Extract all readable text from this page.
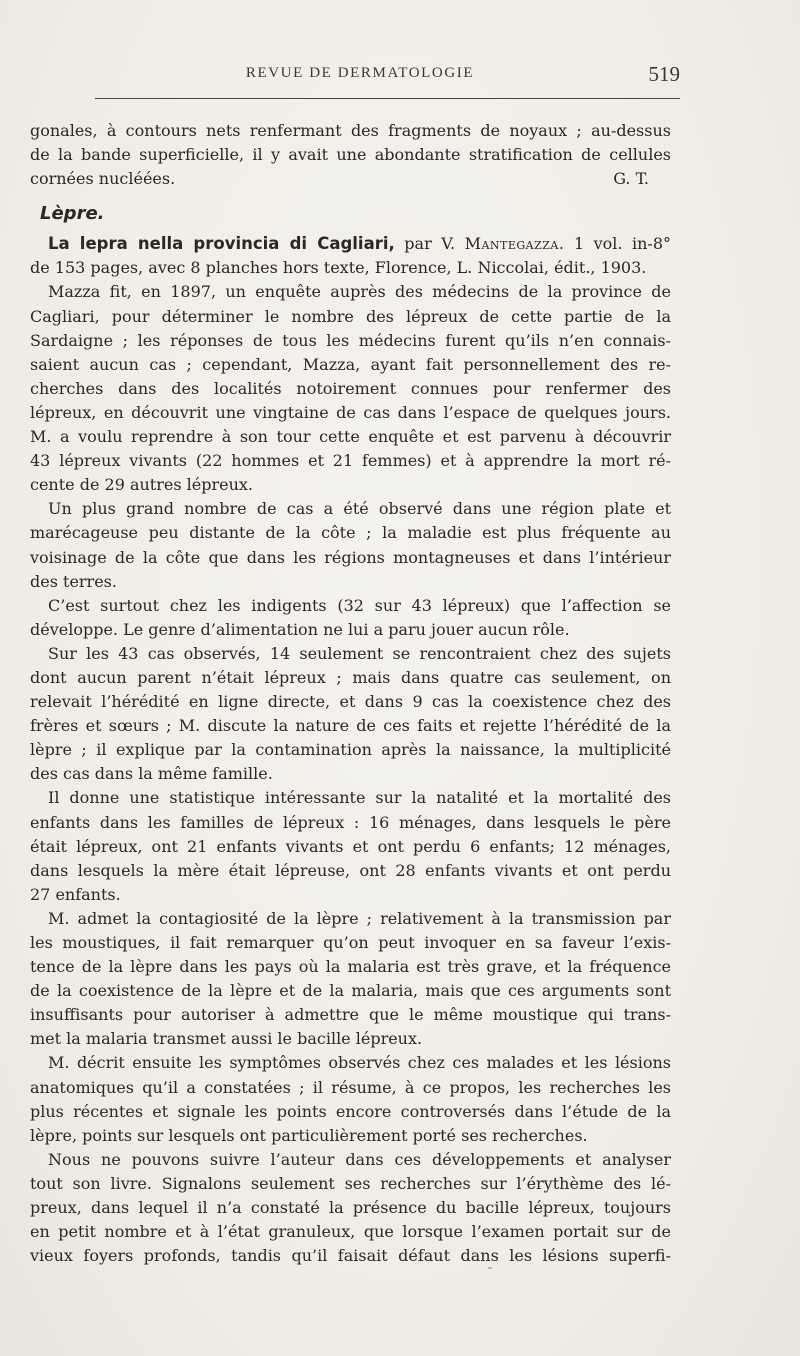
REVUE DE DERMATOLOGIE	519
gonales, à contours nets renfermant des fragments de noyaux ; au-dessus
de la bande superficielle, il y avait une abondante stratification de cellules
cornées nucléées.	G. T.
Lèpre.
La lepra nella provincia di Cagliari, par V. Mantegazza. 1 vol. in-8°
de 153 pages, avec 8 planches hors texte, Florence, L. Niccolai, édit., 1903.
Mazza fit, en 1897, un enquête auprès des médecins de la province de
Cagliari, pour déterminer le nombre des lépreux de cette partie de la
Sardaigne ; les réponses de tous les médecins furent qu’ils n’en connais-
saient aucun cas ; cependant, Mazza, ayant fait personnellement des re-
cherches dans des localités notoirement connues pour renfermer des
lépreux, en découvrit une vingtaine de cas dans l’espace de quelques jours.
M. a voulu reprendre à son tour cette enquête et est parvenu à découvrir
43 lépreux vivants (22 hommes et 21 femmes) et à apprendre la mort ré-
cente de 29 autres lépreux.
Un plus grand nombre de cas a été observé dans une région plate et
marécageuse peu distante de la côte ; la maladie est plus fréquente au
voisinage de la côte que dans les régions montagneuses et dans l’intérieur
des terres.
C’est surtout chez les indigents (32 sur 43 lépreux) que l’affection se
développe. Le genre d’alimentation ne lui a paru jouer aucun rôle.
Sur les 43 cas observés, 14 seulement se rencontraient chez des sujets
dont aucun parent n’était lépreux ; mais dans quatre cas seulement, on
relevait l’hérédité en ligne directe, et dans 9 cas la coexistence chez des
frères et sœurs ; M. discute la nature de ces faits et rejette l’hérédité de la
lèpre ; il explique par la contamination après la naissance, la multiplicité
des cas dans la même famille.
Il donne une statistique intéressante sur la natalité et la mortalité des
enfants dans les familles de lépreux : 16 ménages, dans lesquels le père
était lépreux, ont 21 enfants vivants et ont perdu 6 enfants; 12 ménages,
dans lesquels la mère était lépreuse, ont 28 enfants vivants et ont perdu
27 enfants.
M. admet la contagiosité de la lèpre ; relativement à la transmission par
les moustiques, il fait remarquer qu’on peut invoquer en sa faveur l’exis-
tence de la lèpre dans les pays où la malaria est très grave, et la fréquence
de la coexistence de la lèpre et de la malaria, mais que ces arguments sont
insuffisants pour autoriser à admettre que le même moustique qui trans-
met la malaria transmet aussi le bacille lépreux.
M. décrit ensuite les symptômes observés chez ces malades et les lésions
anatomiques qu’il a constatées ; il résume, à ce propos, les recherches les
plus récentes et signale les points encore controversés dans l’étude de la
lèpre, points sur lesquels ont particulièrement porté ses recherches.
Nous ne pouvons suivre l’auteur dans ces développements et analyser
tout son livre. Signalons seulement ses recherches sur l’érythème des lé-
preux, dans lequel il n’a constaté la présence du bacille lépreux, toujours
en petit nombre et à l’état granuleux, que lorsque l’examen portait sur de
vieux foyers profonds, tandis qu’il faisait défaut dans les lésions superfi-
